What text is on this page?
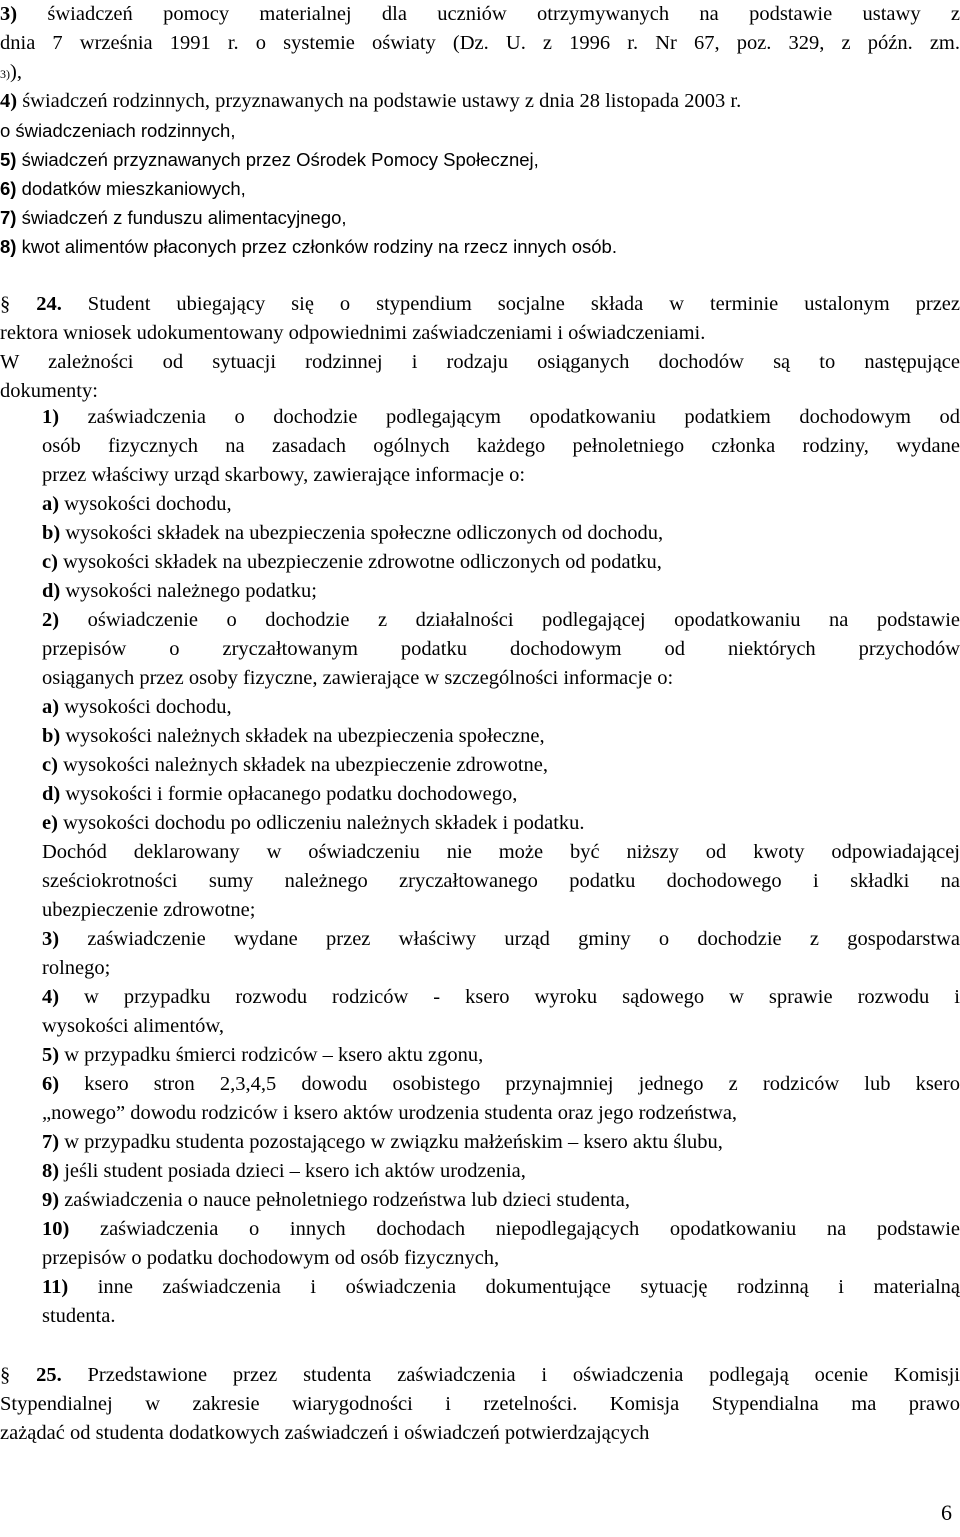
3) świadczeń pomocy materialnej dla uczniów otrzymywanych na podstawie ustawy z

dnia 7 września 1991 r. o systemie oświaty (Dz. U. z 1996 r. Nr 67, poz. 329, z późn. zm.

3)),

4) świadczeń rodzinnych, przyznawanych na podstawie ustawy z dnia 28 listopada 2003 r.

o świadczeniach rodzinnych,

5) świadczeń przyznawanych przez Ośrodek Pomocy Społecznej,

6) dodatków mieszkaniowych,

7) świadczeń z funduszu alimentacyjnego,

8) kwot alimentów płaconych przez członków rodziny na rzecz innych osób.

§ 24. Student ubiegający się o stypendium socjalne składa w terminie ustalonym przez

rektora wniosek udokumentowany odpowiednimi zaświadczeniami i oświadczeniami.

W zależności od sytuacji rodzinnej i rodzaju osiąganych dochodów są to następujące

dokumenty:

1) zaświadczenia o dochodzie podlegającym opodatkowaniu podatkiem dochodowym od

osób fizycznych na zasadach ogólnych każdego pełnoletniego członka rodziny, wydane

przez właściwy urząd skarbowy, zawierające informacje o:

a) wysokości dochodu,

b) wysokości składek na ubezpieczenia społeczne odliczonych od dochodu,

c) wysokości składek na ubezpieczenie zdrowotne odliczonych od podatku,

d) wysokości należnego podatku;

2) oświadczenie o dochodzie z działalności podlegającej opodatkowaniu na podstawie

przepisów o zryczałtowanym podatku dochodowym od niektórych przychodów

osiąganych przez osoby fizyczne, zawierające w szczególności informacje o:

a) wysokości dochodu,

b) wysokości należnych składek na ubezpieczenia społeczne,

c) wysokości należnych składek na ubezpieczenie zdrowotne,

d) wysokości i formie opłacanego podatku dochodowego,

e) wysokości dochodu po odliczeniu należnych składek i podatku.

Dochód deklarowany w oświadczeniu nie może być niższy od kwoty odpowiadającej

sześciokrotności sumy należnego zryczałtowanego podatku dochodowego i składki na

ubezpieczenie zdrowotne;

3) zaświadczenie wydane przez właściwy urząd gminy o dochodzie z gospodarstwa

rolnego;

4) w przypadku rozwodu rodziców - ksero wyroku sądowego w sprawie rozwodu i

wysokości alimentów,

5) w przypadku śmierci rodziców – ksero aktu zgonu,

6) ksero stron 2,3,4,5 dowodu osobistego przynajmniej jednego z rodziców lub ksero

„nowego” dowodu rodziców i ksero aktów urodzenia studenta oraz jego rodzeństwa,

7) w przypadku studenta pozostającego w związku małżeńskim – ksero aktu ślubu,

8) jeśli student posiada dzieci – ksero ich aktów urodzenia,

9) zaświadczenia o nauce pełnoletniego rodzeństwa lub dzieci studenta,

10) zaświadczenia o innych dochodach niepodlegających opodatkowaniu na podstawie

przepisów o podatku dochodowym od osób fizycznych,

11) inne zaświadczenia i oświadczenia dokumentujące sytuację rodzinną i materialną

studenta.

§ 25. Przedstawione przez studenta zaświadczenia i oświadczenia podlegają ocenie Komisji

Stypendialnej w zakresie wiarygodności i rzetelności. Komisja Stypendialna ma prawo

zażądać od studenta dodatkowych zaświadczeń i oświadczeń potwierdzających

6
